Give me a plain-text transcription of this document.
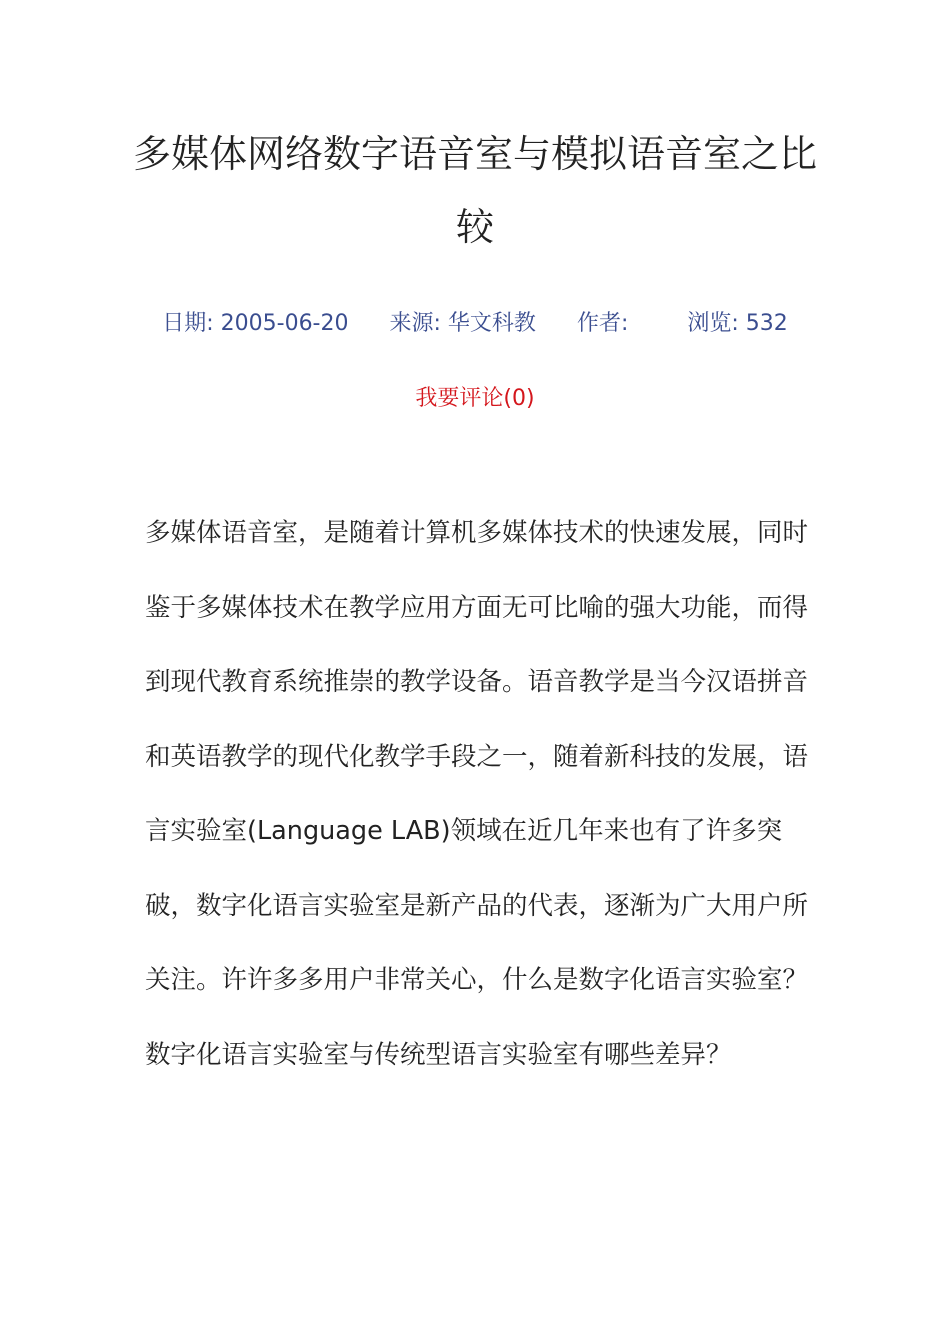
多媒体网络数字语音室与模拟语音室之比较
日期: 2005-06-20 来源: 华文科教 作者:	浏览: 532
我要评论(0)

多媒体语音室，是随着计算机多媒体技术的快速发展，同时鉴于多媒体技术在教学应用方面无可比喻的强大功能，而得到现代教育系统推崇的教学设备。语音教学是当今汉语拼音和英语教学的现代化教学手段之一，随着新科技的发展，语言实验室(Language LAB)领域在近几年来也有了许多突破，数字化语言实验室是新产品的代表，逐渐为广大用户所关注。许许多多用户非常关心，什么是数字化语言实验室？数字化语言实验室与传统型语言实验室有哪些差异？
